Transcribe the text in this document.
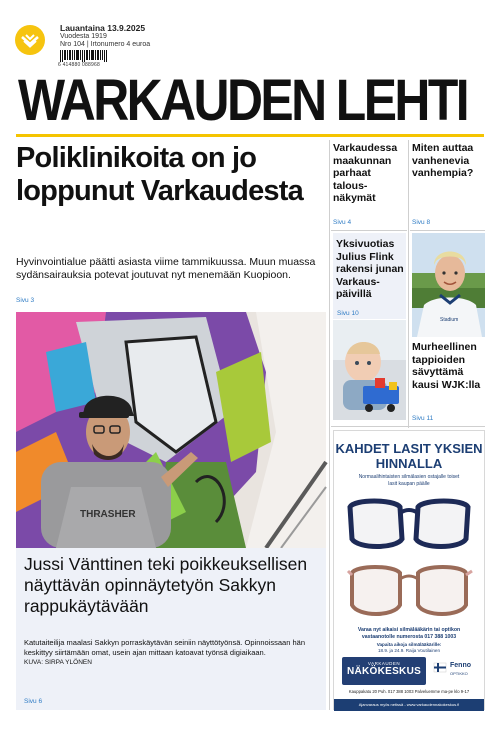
Lauantaina 13.9.2025
Vuodesta 1919
Nro 104 | Irtonumero 4 euroa
6 414880 088968
WARKAUDEN LEHTI
Poliklinikoita on jo loppunut Varkaudesta
Hyvinvointialue päätti asiasta viime tammikuussa. Muun muassa sydänsairauksia potevat joutuvat nyt menemään Kuopioon.
Sivu 3
THRASHER
Jussi Vänttinen teki poikkeuksellisen näyttävän opinnäytetyön Sakkyn rappukäytävään
Katutaiteilija maalasi Sakkyn porraskäytävän seiniin näyttötyönsä. Opinnoissaan hän keskittyy siirtämään omat, usein ajan mittaan katoavat työnsä digiaikaan.
KUVA: SIRPA YLÖNEN
Sivu 6
Varkaudessa maakunnan parhaat talousnäkymät
Sivu 4
Miten auttaa vanhenevia vanhempia?
Sivu 8
Yksivuotias Julius Flink rakensi junan Varkauspäivillä
Sivu 10
Stadium
Murheellinen tappioiden sävyttämä kausi WJK:lla
Sivu 11
KAHDET LASIT YKSIEN HINNALLA
Normaalihintaisten silmälasien ostajalle toiset lasit kaupan päälle
Varaa nyt aikaisi silmälääkärin tai optikon vastaanotolle numerosta 017 388 1003
Vapaita aikoja silmälääkärille:
18.9. ja 24.9. Raija Voutilainen
VARKAUDEN
NÄKÖKESKUS
Fenno
OPTIKKO
Kauppakatu 20 Puh. 017 388 1003 Palveluemme ma-pe klo 9-17
Ajanvaraus myös netissä - www.varkaudennakokeskus.fi
